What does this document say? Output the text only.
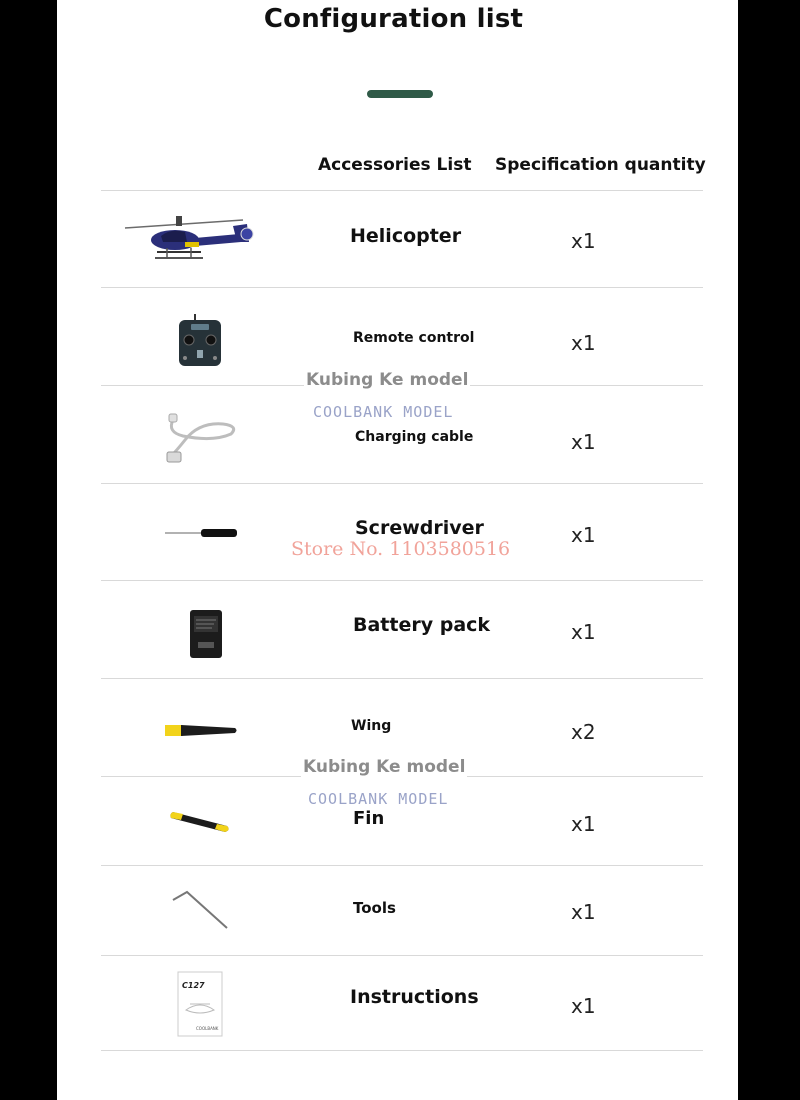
Configuration list
Accessories List Specification quantity
Helicopter	x1
Remote control	x1
Charging cable	x1
Screwdriver	x1
Battery pack	x1
Wing	x2
Fin	x1
Tools	x1
C127
COOLBANK
Instructions	x1
Kubing Ke model
COOLBANK MODEL
Store No. 1103580516
Kubing Ke model
COOLBANK MODEL
